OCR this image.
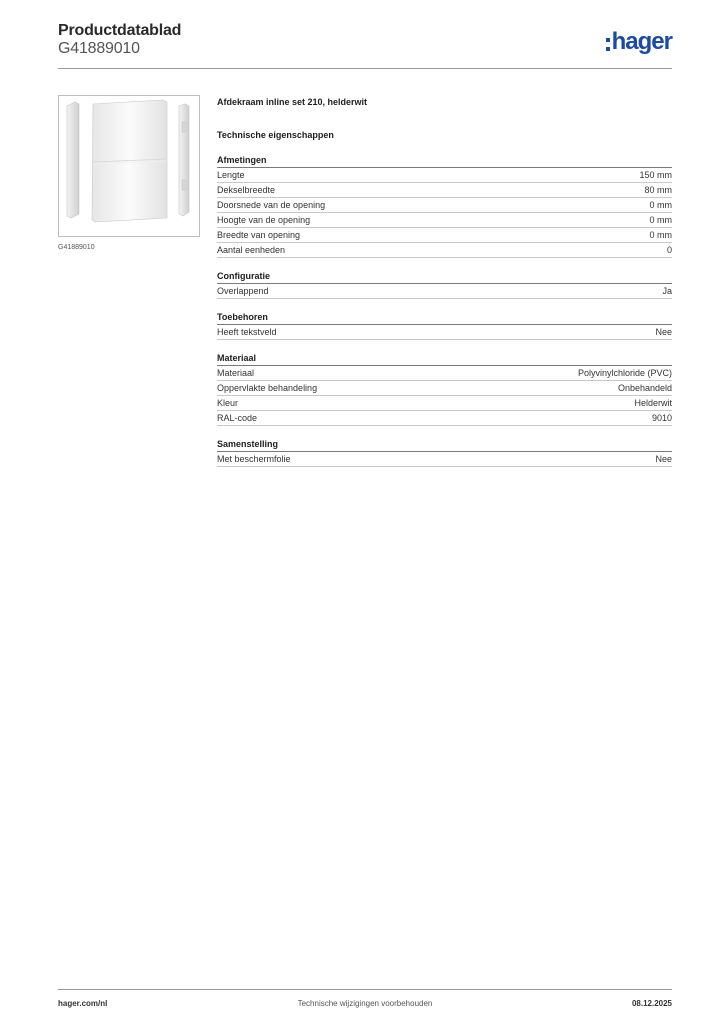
Productdatablad
G41889010	hager
G41889010
Afdekraam inline set 210, helderwit
Technische eigenschappen
Afmetingen
Lengte	150 mm
Dekselbreedte	80 mm
Doorsnede van de opening	0 mm
Hoogte van de opening	0 mm
Breedte van opening	0 mm
Aantal eenheden	0
Configuratie
Overlappend	Ja
Toebehoren
Heeft tekstveld	Nee
Materiaal
Materiaal	Polyvinylchloride (PVC)
Oppervlakte behandeling	Onbehandeld
Kleur	Helderwit
RAL-code	9010
Samenstelling
Met beschermfolie	Nee
hager.com/nl	Technische wijzigingen voorbehouden	08.12.2025
